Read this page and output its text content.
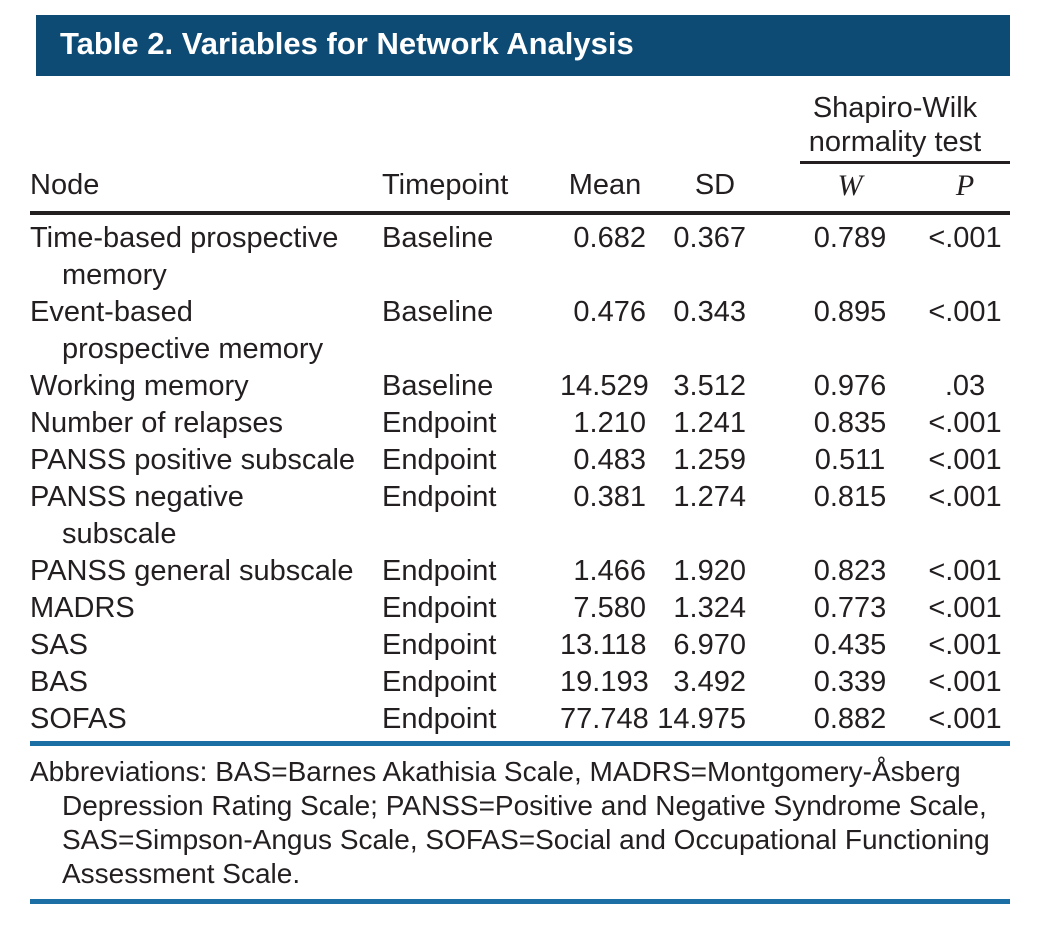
Table 2. Variables for Network Analysis

				Shapiro-Wilk
normality test	

Node	Timepoint	Mean	SD	W	P

Time-based prospective
memory	Baseline	0.682	0.367	0.789	<.001

Event-based
prospective memory	Baseline	0.476	0.343	0.895	<.001

Working memory	Baseline	14.529	3.512	0.976	.03

Number of relapses	Endpoint	1.210	1.241	0.835	<.001

PANSS positive subscale	Endpoint	0.483	1.259	0.511	<.001

PANSS negative
subscale	Endpoint	0.381	1.274	0.815	<.001

PANSS general subscale	Endpoint	1.466	1.920	0.823	<.001

MADRS	Endpoint	7.580	1.324	0.773	<.001

SAS	Endpoint	13.118	6.970	0.435	<.001

BAS	Endpoint	19.193	3.492	0.339	<.001

SOFAS	Endpoint	77.748	14.975	0.882	<.001
Abbreviations: BAS=Barnes Akathisia Scale, MADRS=Montgomery-Åsberg
Depression Rating Scale; PANSS=Positive and Negative Syndrome Scale,
SAS=Simpson-Angus Scale, SOFAS=Social and Occupational Functioning
Assessment Scale.
